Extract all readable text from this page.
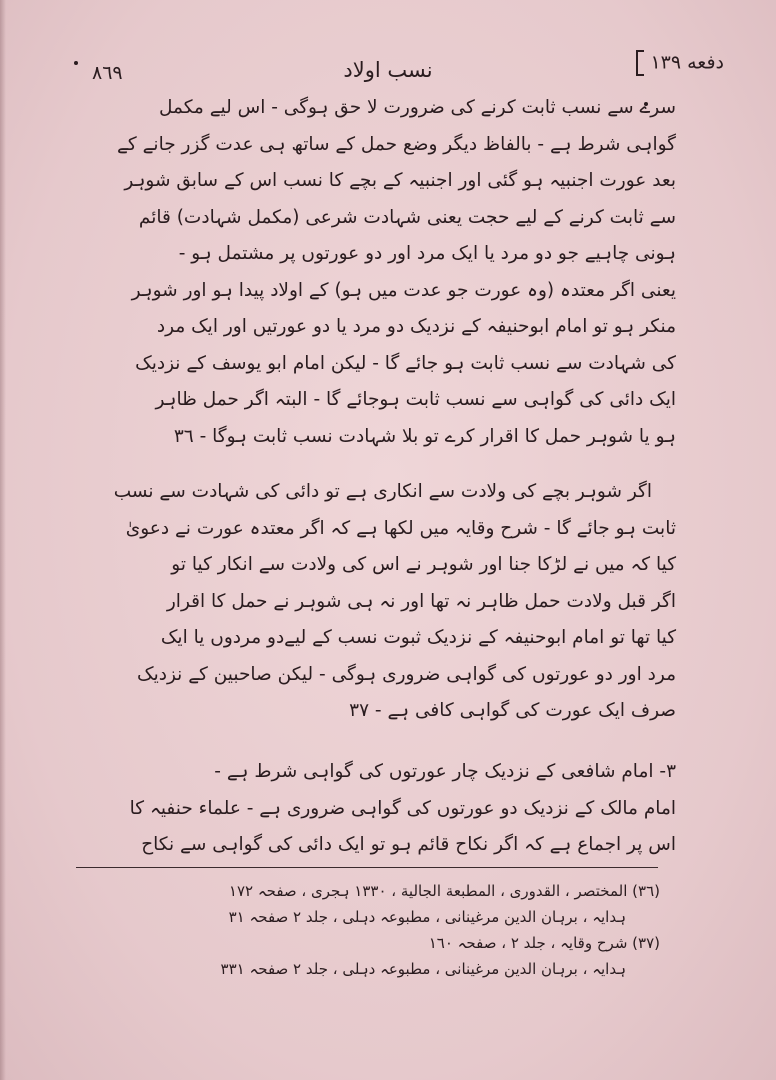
٨٦٩	نسب اولاد	دفعه ١٣٩
سرے سے نسب ثابت کرنے کی ضرورت لا حق ہوگی - اس لیے مکمل
گواہی شرط ہے - بالفاظ دیگر وضع حمل کے ساتھ ہی عدت گزر جانے کے
بعد عورت اجنبیہ ہو گئی اور اجنبیہ کے بچے کا نسب اس کے سابق شوہر
سے ثابت کرنے کے لیے حجت یعنی شہادت شرعی (مکمل شہادت) قائم
ہونی چاہیے جو دو مرد یا ایک مرد اور دو عورتوں پر مشتمل ہو -
یعنی اگر معتدہ (وہ عورت جو عدت میں ہو) کے اولاد پیدا ہو اور شوہر
منکر ہو تو امام ابوحنیفہ کے نزدیک دو مرد یا دو عورتیں اور ایک مرد
کی شہادت سے نسب ثابت ہو جائے گا - لیکن امام ابو یوسف کے نزدیک
ایک دائی کی گواہی سے نسب ثابت ہوجائے گا - البتہ اگر حمل ظاہر
ہو یا شوہر حمل کا اقرار کرے تو بلا شہادت نسب ثابت ہوگا - ٣٦
اگر شوہر بچے کی ولادت سے انکاری ہے تو دائی کی شہادت سے نسب
ثابت ہو جائے گا - شرح وقایہ میں لکھا ہے کہ اگر معتدہ عورت نے دعویٰ
کیا کہ میں نے لڑکا جنا اور شوہر نے اس کی ولادت سے انکار کیا تو
اگر قبل ولادت حمل ظاہر نہ تھا اور نہ ہی شوہر نے حمل کا اقرار
کیا تھا تو امام ابوحنیفہ کے نزدیک ثبوت نسب کے لیےدو مردوں یا ایک
مرد اور دو عورتوں کی گواہی ضروری ہوگی - لیکن صاحبین کے نزدیک
صرف ایک عورت کی گواہی کافی ہے - ٣٧
٣- امام شافعی کے نزدیک چار عورتوں کی گواہی شرط ہے -
امام مالک کے نزدیک دو عورتوں کی گواہی ضروری ہے - علماء حنفیہ کا
اس پر اجماع ہے کہ اگر نکاح قائم ہو تو ایک دائی کی گواہی سے نکاح
(٣٦) المختصر ، القدوری ، المطبعة الجالية ، ١٣٣٠ ہجری ، صفحہ ١٧٢
ہدایہ ، برہان الدین مرغینانی ، مطبوعہ دہلی ، جلد ٢ صفحہ ٣١
(٣٧) شرح وقایہ ، جلد ٢ ، صفحہ ١٦٠
ہدایہ ، برہان الدین مرغینانی ، مطبوعہ دہلی ، جلد ٢ صفحہ ٣٣١
